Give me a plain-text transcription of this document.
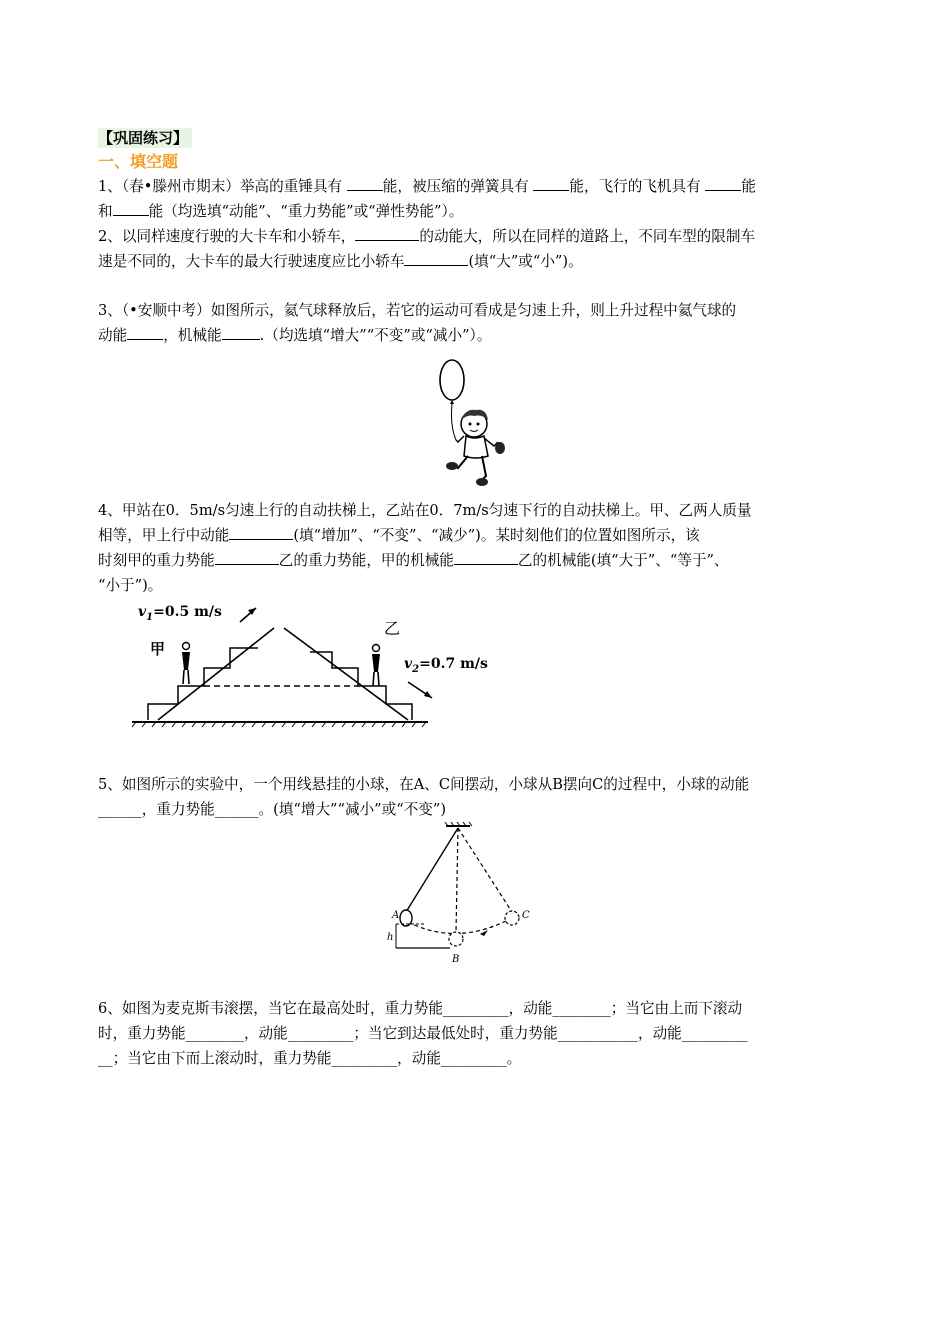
【巩固练习】
一、填空题
1、（春•滕州市期末）举高的重锤具有	能，被压缩的弹簧具有	能，飞行的飞机具有	能
和 能（均选填“动能”、“重力势能”或“弹性势能”）。
2、以同样速度行驶的大卡车和小轿车，	的动能大，所以在同样的道路上，不同车型的限制车
速是不同的，大卡车的最大行驶速度应比小轿车	(填“大”或“小”)。
3、（•安顺中考）如图所示，氦气球释放后，若它的运动可看成是匀速上升，则上升过程中氦气球的
动能 ，机械能	.（均选填“增大”“不变”或“减小”）。
4、甲站在0．5m/s匀速上行的自动扶梯上，乙站在0．7m/s匀速下行的自动扶梯上。甲、乙两人质量
相等，甲上行中动能	(填“增加”、“不变”、“减少”)。某时刻他们的位置如图所示，该
时刻甲的重力势能	乙的重力势能，甲的机械能	乙的机械能(填“大于”、“等于”、
“小于”)。
$v_1=0.5$ m/s
甲
乙
$v_2=0.7$ m/s
5、如图所示的实验中，一个用线悬挂的小球，在A、C间摆动，小球从B摆向C的过程中，小球的动能
______，重力势能______。(填“增大”“减小”或“不变”)
h
A
B
C
6、如图为麦克斯韦滚摆，当它在最高处时，重力势能_________，动能________；当它由上而下滚动
时，重力势能________，动能_________；当它到达最低处时，重力势能___________，动能_________
__；当它由下而上滚动时，重力势能_________，动能_________。
